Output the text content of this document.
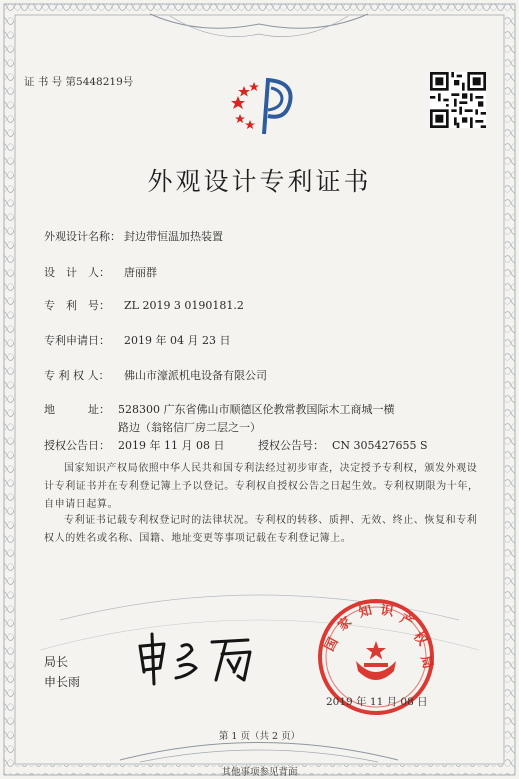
证 书 号 第5448219号
外观设计专利证书
外观设计名称： 封边带恒温加热装置
设　计　人： 唐丽群
专　利　号： ZL 2019 3 0190181.2
专利申请日： 2019 年 04 月 23 日
专 利 权 人： 佛山市濠派机电设备有限公司
地　　　址： 528300 广东省佛山市顺德区伦教常教国际木工商城一横
路边（翁铭信厂房二层之一）
授权公告日： 2019 年 11 月 08 日	授权公告号： CN 305427655 S
国家知识产权局依照中华人民共和国专利法经过初步审查，决定授予专利权，颁发外观设计专利证书并在专利登记簿上予以登记。专利权自授权公告之日起生效。专利权期限为十年，自申请日起算。
专利证书记载专利权登记时的法律状况。专利权的转移、质押、无效、终止、恢复和专利权人的姓名或名称、国籍、地址变更等事项记载在专利登记簿上。
局长
申长雨
国
家
知 识
产
权
局
2019 年 11 月 08 日
第 1 页（共 2 页）
其他事项参见背面
